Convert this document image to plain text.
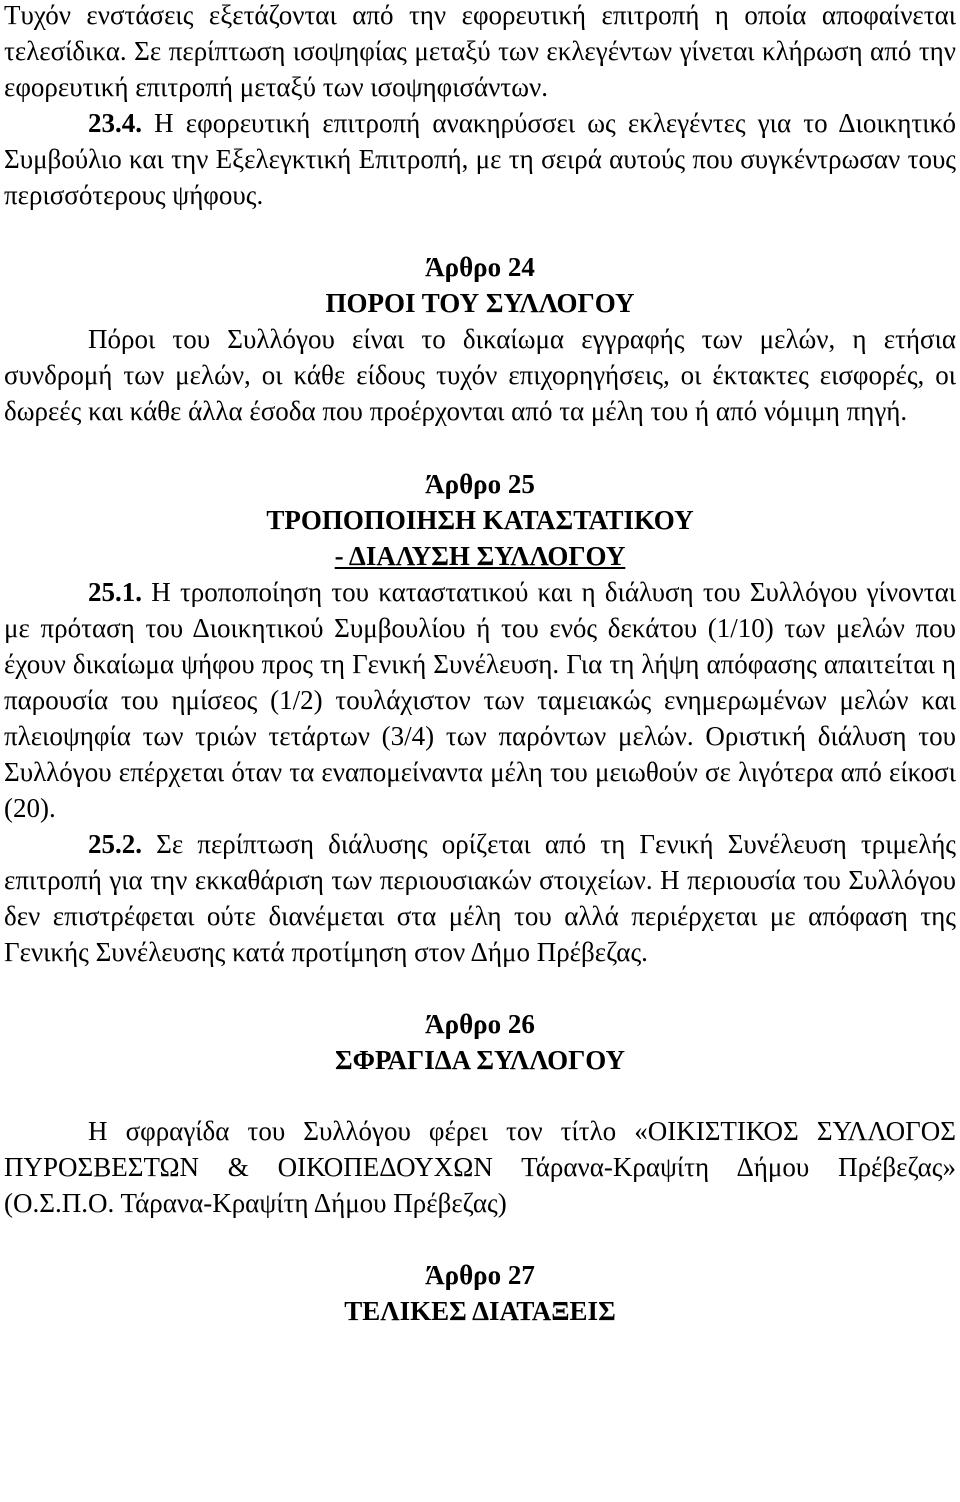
Τυχόν ενστάσεις εξετάζονται από την εφορευτική επιτροπή η οποία αποφαίνεται τελεσίδικα. Σε περίπτωση ισοψηφίας μεταξύ των εκλεγέντων γίνεται κλήρωση από την εφορευτική επιτροπή μεταξύ των ισοψηφισάντων.

23.4. Η εφορευτική επιτροπή ανακηρύσσει ως εκλεγέντες για το Διοικητικό Συμβούλιο και την Εξελεγκτική Επιτροπή, με τη σειρά αυτούς που συγκέντρωσαν τους περισσότερους ψήφους.

Άρθρο 24

ΠΟΡΟΙ ΤΟΥ ΣΥΛΛΟΓΟΥ

Πόροι του Συλλόγου είναι το δικαίωμα εγγραφής των μελών, η ετήσια συνδρομή των μελών, οι κάθε είδους τυχόν επιχορηγήσεις, οι έκτακτες εισφορές, οι δωρεές και κάθε άλλα έσοδα που προέρχονται από τα μέλη του ή από νόμιμη πηγή.

Άρθρο 25

ΤΡΟΠΟΠΟΙΗΣΗ ΚΑΤΑΣΤΑΤΙΚΟΥ

- ΔΙΑΛΥΣΗ ΣΥΛΛΟΓΟΥ

25.1. Η τροποποίηση του καταστατικού και η διάλυση του Συλλόγου γίνονται με πρόταση του Διοικητικού Συμβουλίου ή του ενός δεκάτου (1/10) των μελών που έχουν δικαίωμα ψήφου προς τη Γενική Συνέλευση. Για τη λήψη απόφασης απαιτείται η παρουσία του ημίσεος (1/2) τουλάχιστον των ταμειακώς ενημερωμένων μελών και πλειοψηφία των τριών τετάρτων (3/4) των παρόντων μελών. Οριστική διάλυση του Συλλόγου επέρχεται όταν τα εναπομείναντα μέλη του μειωθούν σε λιγότερα από είκοσι (20).

25.2. Σε περίπτωση διάλυσης ορίζεται από τη Γενική Συνέλευση τριμελής επιτροπή για την εκκαθάριση των περιουσιακών στοιχείων. Η περιουσία του Συλλόγου δεν επιστρέφεται ούτε διανέμεται στα μέλη του αλλά περιέρχεται με απόφαση της Γενικής Συνέλευσης κατά προτίμηση στον Δήμο Πρέβεζας.

Άρθρο 26

ΣΦΡΑΓΙΔΑ ΣΥΛΛΟΓΟΥ

Η σφραγίδα του Συλλόγου φέρει τον τίτλο «ΟΙΚΙΣΤΙΚΟΣ ΣΥΛΛΟΓΟΣ ΠΥΡΟΣΒΕΣΤΩΝ & ΟΙΚΟΠΕΔΟΥΧΩΝ Τάρανα-Κραψίτη Δήμου Πρέβεζας» (Ο.Σ.Π.Ο. Τάρανα-Κραψίτη Δήμου Πρέβεζας)

Άρθρο 27

ΤΕΛΙΚΕΣ ΔΙΑΤΑΞΕΙΣ
